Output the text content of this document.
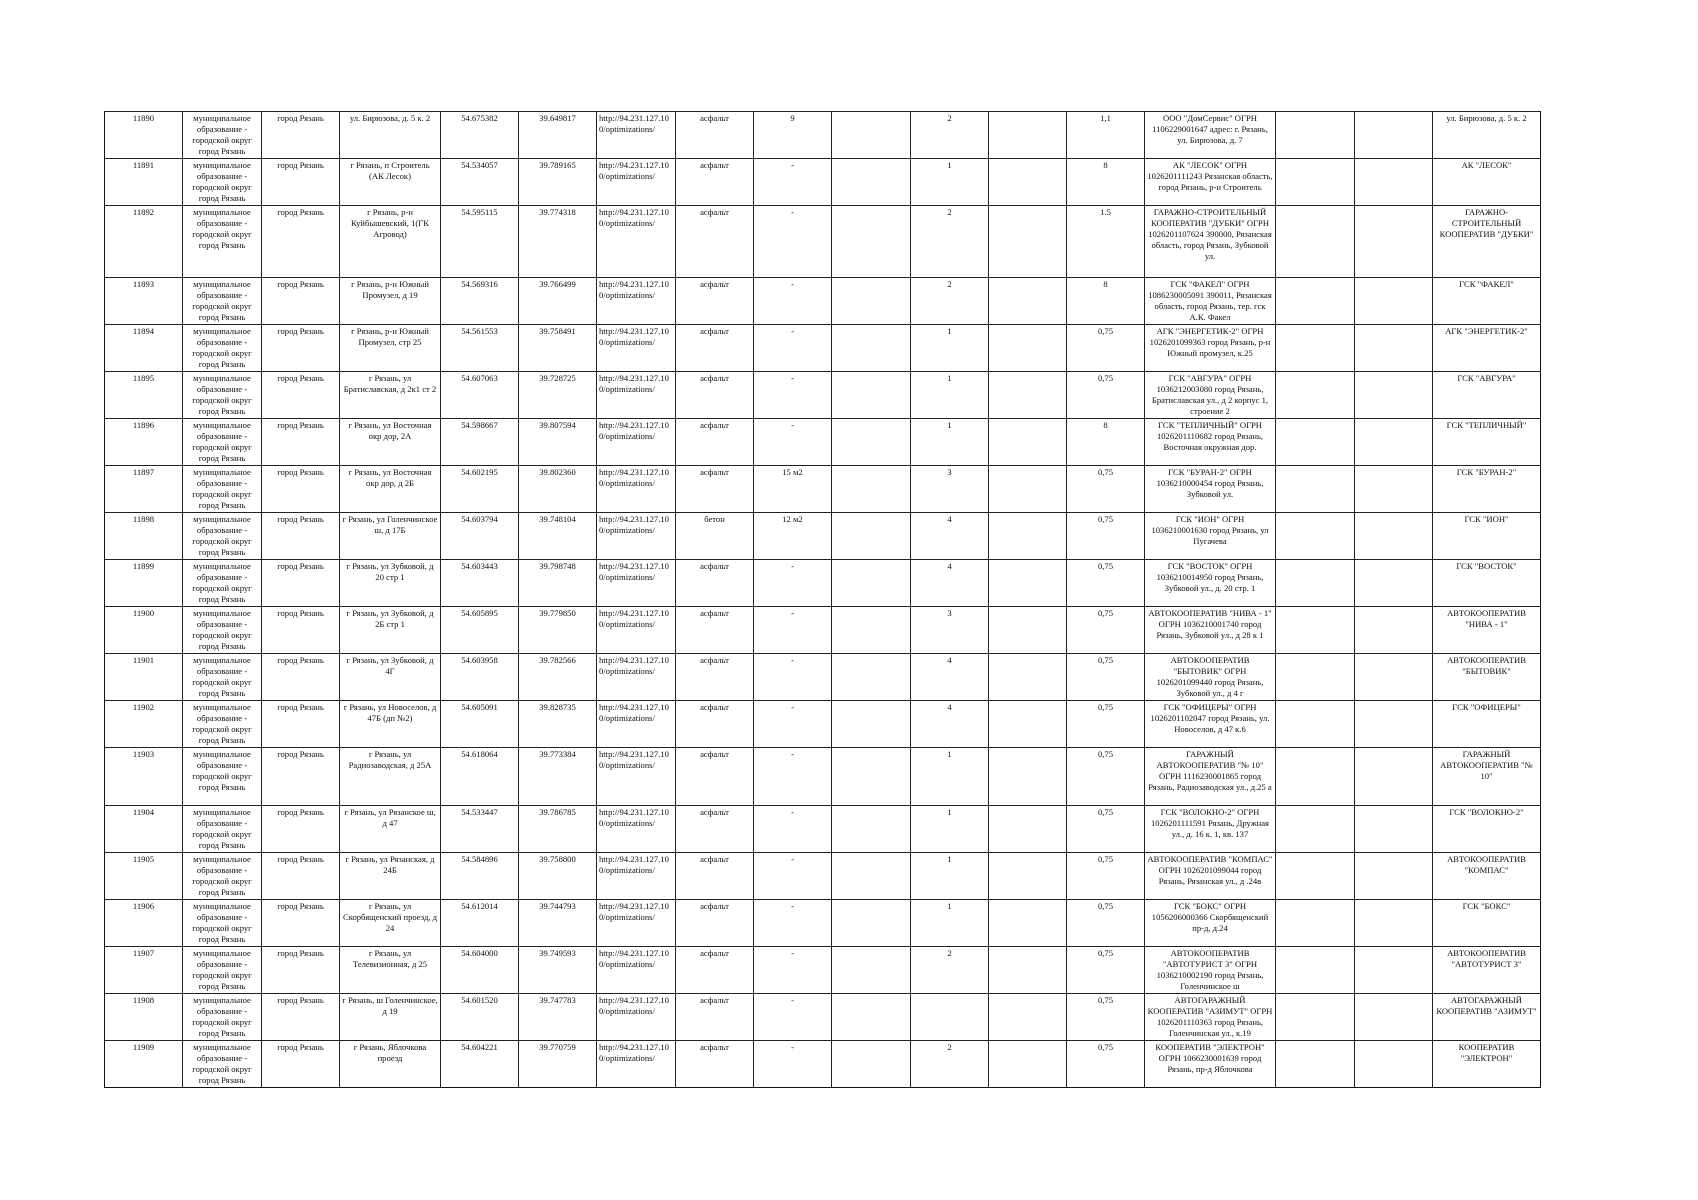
11890	муниципальное образование - городской округ город Рязань	город Рязань	ул. Бирюзова, д. 5 к. 2	54.675382	39.649817	http://94.231.127.10 0/optimizations/	асфальт	9		2		1,1	ООО "ДомСервис" ОГРН 1106229001647 адрес: г. Рязань, ул. Бирюзова, д. 7			ул. Бирюзова, д. 5 к. 2
11891	муниципальное образование - городской округ город Рязань	город Рязань	г Рязань, п Строитель (АК Лесок)	54.534057	39.789165	http://94.231.127.10 0/optimizations/	асфальт	-		1		8	АК "ЛЕСОК" ОГРН 1026201111243 Рязанская область, город Рязань, р-н Строитель			АК "ЛЕСОК"
11892	муниципальное образование - городской округ город Рязань	город Рязань	г Рязань, р-н Куйбышевский, 1(ГК Агровод)	54.595115	39.774318	http://94.231.127.10 0/optimizations/	асфальт	-		2		1.5	ГАРАЖНО-СТРОИТЕЛЬНЫЙ КООПЕРАТИВ "ДУБКИ" ОГРН 1026201107624 390000, Рязанская область, город Рязань, Зубковой ул.			ГАРАЖНО-СТРОИТЕЛЬНЫЙ КООПЕРАТИВ "ДУБКИ"
11893	муниципальное образование - городской округ город Рязань	город Рязань	г Рязань, р-н Южный Промузел, д 19	54.569316	39.766499	http://94.231.127.10 0/optimizations/	асфальт	-		2		8	ГСК "ФАКЕЛ" ОГРН 1086230005091 390011, Рязанская область, город Рязань, тер. гск А.К. Факел			ГСК "ФАКЕЛ"
11894	муниципальное образование - городской округ город Рязань	город Рязань	г Рязань, р-н Южный Промузел, стр 25	54.561553	39.758491	http://94.231.127.10 0/optimizations/	асфальт	-		1		0,75	АГК "ЭНЕРГЕТИК-2" ОГРН 1026201099363 город Рязань, р-н Южный промузел, к.25			АГК "ЭНЕРГЕТИК-2"
11895	муниципальное образование - городской округ город Рязань	город Рязань	г Рязань, ул Братиславская, д 2к1 ст 2	54.607063	39.728725	http://94.231.127.10 0/optimizations/	асфальт	-		1		0,75	ГСК "АВГУРА" ОГРН 1036212003080 город Рязань, Братиславская ул., д 2 корпус 1, строение 2			ГСК "АВГУРА"
11896	муниципальное образование - городской округ город Рязань	город Рязань	г Рязань, ул Восточная окр дор, 2А	54.598667	39.807594	http://94.231.127.10 0/optimizations/	асфальт	-		1		8	ГСК "ТЕПЛИЧНЫЙ" ОГРН 1026201110682 город Рязань, Восточная окружная дор.			ГСК "ТЕПЛИЧНЫЙ"
11897	муниципальное образование - городской округ город Рязань	город Рязань	г Рязань, ул Восточная окр дор, д 2Б	54.602195	39.802360	http://94.231.127.10 0/optimizations/	асфальт	15 м2		3		0,75	ГСК "БУРАН-2" ОГРН 1036210000454 город Рязань, Зубковой ул.			ГСК "БУРАН-2"
11898	муниципальное образование - городской округ город Рязань	город Рязань	г Рязань, ул Голенчинское ш, д 17Б	54.603794	39.748104	http://94.231.127.10 0/optimizations/	бетон	12 м2		4		0,75	ГСК "ИОН" ОГРН 1036210001630 город Рязань, ул Пугачева			ГСК "ИОН"
11899	муниципальное образование - городской округ город Рязань	город Рязань	г Рязань, ул Зубковой, д 20 стр 1	54.603443	39.798748	http://94.231.127.10 0/optimizations/	асфальт	-		4		0,75	ГСК "ВОСТОК" ОГРН 1036210014950 город Рязань, Зубковой ул., д. 20 стр. 1			ГСК "ВОСТОК"
11900	муниципальное образование - городской округ город Рязань	город Рязань	г Рязань, ул Зубковой, д 2Б стр 1	54.605895	39.779850	http://94.231.127.10 0/optimizations/	асфальт	-		3		0,75	АВТОКООПЕРАТИВ "НИВА - 1" ОГРН 1036210001740 город Рязань, Зубковой ул., д 28 к 1			АВТОКООПЕРАТИВ "НИВА - 1"
11901	муниципальное образование - городской округ город Рязань	город Рязань	г Рязань, ул Зубковой, д 4Г	54.603958	39.782566	http://94.231.127.10 0/optimizations/	асфальт	-		4		0,75	АВТОКООПЕРАТИВ "БЫТОВИК" ОГРН 1026201099440 город Рязань, Зубковой ул., д 4 г			АВТОКООПЕРАТИВ "БЫТОВИК"
11902	муниципальное образование - городской округ город Рязань	город Рязань	г Рязань, ул Новоселов, д 47Б (дп №2)	54.605091	39.828735	http://94.231.127.10 0/optimizations/	асфальт	-		4		0,75	ГСК "ОФИЦЕРЫ" ОГРН 1026201102047 город Рязань, ул. Новоселов, д 47 к.6			ГСК "ОФИЦЕРЫ"
11903	муниципальное образование - городской округ город Рязань	город Рязань	г Рязань, ул Радиозаводская, д 25А	54.618064	39.773384	http://94.231.127.10 0/optimizations/	асфальт	-		1		0,75	ГАРАЖНЫЙ АВТОКООПЕРАТИВ "№ 10" ОГРН 1116230001865 город Рязань, Радиозаводская ул., д.25 а			ГАРАЖНЫЙ АВТОКООПЕРАТИВ "№ 10"
11904	муниципальное образование - городской округ город Рязань	город Рязань	г Рязань, ул Рязанское ш, д 47	54.533447	39.786785	http://94.231.127.10 0/optimizations/	асфальт	-		1		0,75	ГСК "ВОЛОКНО-2" ОГРН 1026201111591 Рязань, Дружная ул., д. 16 к. 1, кв. 137			ГСК "ВОЛОКНО-2"
11905	муниципальное образование - городской округ город Рязань	город Рязань	г Рязань, ул Рязанская, д 24Б	54.584896	39.758800	http://94.231.127.10 0/optimizations/	асфальт	-		1		0,75	АВТОКООПЕРАТИВ "КОМПАС" ОГРН 1026201099044 город Рязань, Рязанская ул., д .24в			АВТОКООПЕРАТИВ "КОМПАС"
11906	муниципальное образование - городской округ город Рязань	город Рязань	г Рязань, ул Скорбященский проезд, д 24	54.612014	39.744793	http://94.231.127.10 0/optimizations/	асфальт	-		1		0,75	ГСК "БОКС" ОГРН 1056206000366 Скорбященский пр-д, д.24			ГСК "БОКС"
11907	муниципальное образование - городской округ город Рязань	город Рязань	г Рязань, ул Телевизионная, д 25	54.604000	39.749593	http://94.231.127.10 0/optimizations/	асфальт	-		2		0,75	АВТОКООПЕРАТИВ "АВТОТУРИСТ 3" ОГРН 1036210002190 город Рязань, Голенчинское ш			АВТОКООПЕРАТИВ "АВТОТУРИСТ 3"
11908	муниципальное образование - городской округ город Рязань	город Рязань	г Рязань, ш Голенчинское, д 19	54.601520	39.747783	http://94.231.127.10 0/optimizations/	асфальт	-				0,75	АВТОГАРАЖНЫЙ КООПЕРАТИВ "АЗИМУТ" ОГРН 1026201110363 город Рязань, Голенчинская ул., к.19			АВТОГАРАЖНЫЙ КООПЕРАТИВ "АЗИМУТ"
11909	муниципальное образование - городской округ город Рязань	город Рязань	г Рязань, Яблочкова проезд	54.604221	39.770759	http://94.231.127.10 0/optimizations/	асфальт	-		2		0,75	КООПЕРАТИВ "ЭЛЕКТРОН" ОГРН 1066230001639 город Рязань, пр-д Яблочкова			КООПЕРАТИВ "ЭЛЕКТРОН"
